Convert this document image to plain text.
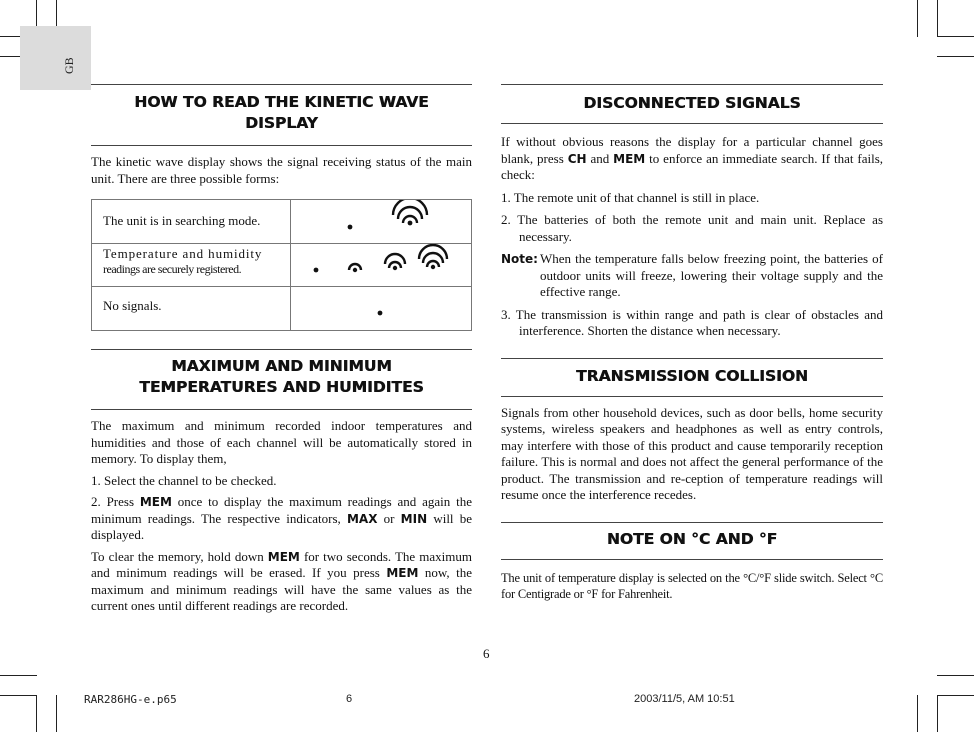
GB
HOW TO READ THE KINETIC WAVE
DISPLAY

The kinetic wave display shows the signal receiving status of the main unit. There are three possible forms:

The unit is in searching mode.

Temperature and humidity
readings are securely registered.

No signals.

MAXIMUM AND MINIMUM
TEMPERATURES AND HUMIDITES

The maximum and minimum recorded indoor temperatures and humidities and those of each channel will be automatically stored in memory. To display them,

1. Select the channel to be checked.

2. Press MEM once to display the maximum readings and again the minimum readings. The respective indicators, MAX or MIN will be displayed.

To clear the memory, hold down MEM for two seconds. The maximum and minimum readings will be erased. If you press MEM now, the maximum and minimum readings will have the same values as the current ones until different readings are recorded.

DISCONNECTED SIGNALS

If without obvious reasons the display for a particular channel goes blank, press CH and MEM to enforce an immediate search. If that fails, check:

1. The remote unit of that channel is still in place.

2. The batteries of both the remote unit and main unit. Replace as necessary.

Note: When the temperature falls below freezing point, the batteries of outdoor units will freeze, lowering their voltage supply and the effective range.

3. The transmission is within range and path is clear of obstacles and interference. Shorten the distance when necessary.

TRANSMISSION COLLISION

Signals from other household devices, such as door bells, home security systems, wireless speakers and headphones as well as entry controls, may interfere with those of this product and cause temporarily reception failure. This is normal and does not affect the general performance of the product. The transmission and re-ception of temperature readings will resume once the interference recedes.

NOTE ON °C AND °F

The unit of temperature display is selected on the °C/°F slide switch. Select °C for Centigrade or °F for Fahrenheit.

6
RAR286HG-e.p65	6	2003/11/5, AM 10:51
